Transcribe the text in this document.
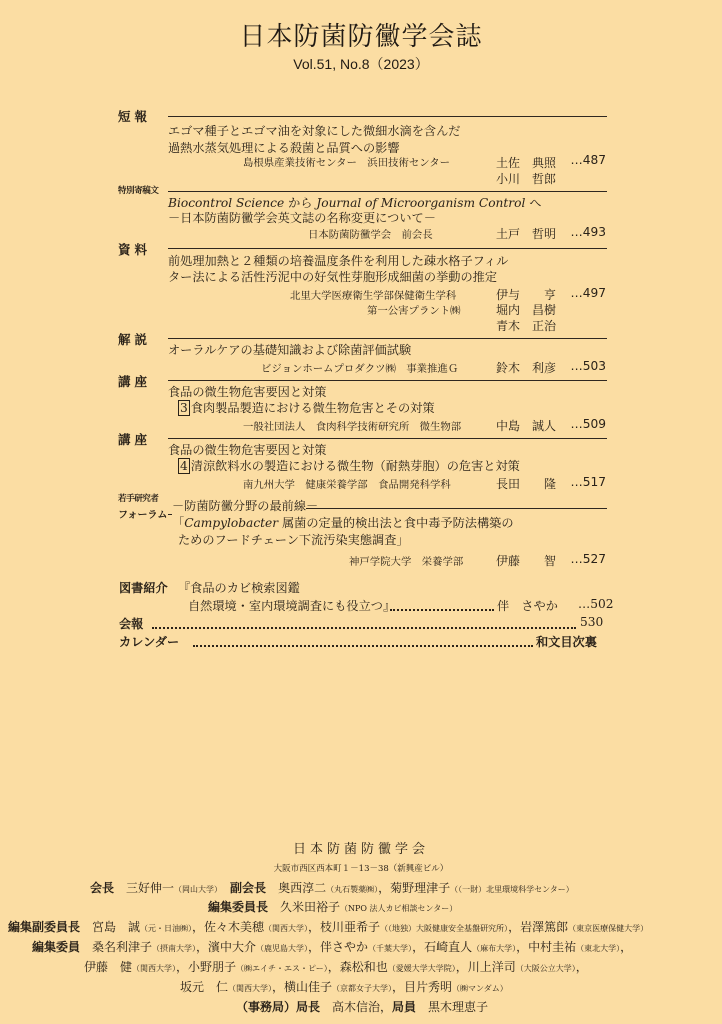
日本防菌防黴学会誌
Vol.51, No.8（2023）
短報
エゴマ種子とエゴマ油を対象にした微細水滴を含んだ
過熱水蒸気処理による殺菌と品質への影響
島根県産業技術センター　浜田技術センター	土佐　典照 …487
小川　哲郎
特別寄稿文
Biocontrol Science から Journal of Microorganism Control へ
－日本防菌防黴学会英文誌の名称変更について－
日本防菌防黴学会　前会長	土戸　哲明 …493
資料
前処理加熱と２種類の培養温度条件を利用した疎水格子フィル
ター法による活性汚泥中の好気性芽胞形成細菌の挙動の推定
北里大学医療衛生学部保健衛生学科	伊与　　亨 …497
第一公害プラント㈱	堀内　昌樹
青木　正治
解説
オーラルケアの基礎知識および除菌評価試験
ビジョンホームプロダクツ㈱　事業推進Ｇ	鈴木　利彦 …503
講座
食品の微生物危害要因と対策
3 食肉製品製造における微生物危害とその対策
一般社団法人　食肉科学技術研究所　微生物部	中島　誠人 …509
講座
食品の微生物危害要因と対策
4 清涼飲料水の製造における微生物（耐熱芽胞）の危害と対策
南九州大学　健康栄養学部　食品開発科学科	長田　　隆 …517
若手研究者
フォーラム
－防菌防黴分野の最前線－
「Campylobacter 属菌の定量的検出法と食中毒予防法構築の
ためのフードチェーン下流汚染実態調査」
神戸学院大学　栄養学部	伊藤　　智 …527
図書紹介 『食品のカビ検索図鑑
自然環境・室内環境調査にも役立つ』	伴　さやか …502
会報	530
カレンダー	和文目次裏
日本防菌防黴学会
大阪市西区西本町１－13－38（新興産ビル）
会長　三好伸一（岡山大学）　 副会長　奥西淳二（丸石製薬㈱），菊野理津子（（一財）北里環境科学センター）
編集委員長　久米田裕子（NPO 法人カビ相談センター）
編集副委員長　宮島　誠（元・日油㈱），佐々木美穂（関西大学），枝川亜希子（（地独）大阪健康安全基盤研究所），岩澤篤郎（東京医療保健大学）
編集委員　桑名利津子（摂南大学），濱中大介（鹿児島大学），伴さやか（千葉大学），石崎直人（麻布大学），中村圭祐（東北大学），
伊藤　健（関西大学），小野朋子（㈱エイチ・エス・ピー），森松和也（愛媛大学大学院），川上洋司（大阪公立大学），
坂元　仁（関西大学），横山佳子（京都女子大学），目片秀明（㈱マンダム）
（事務局）局長　高木信治，局員　黒木理恵子
